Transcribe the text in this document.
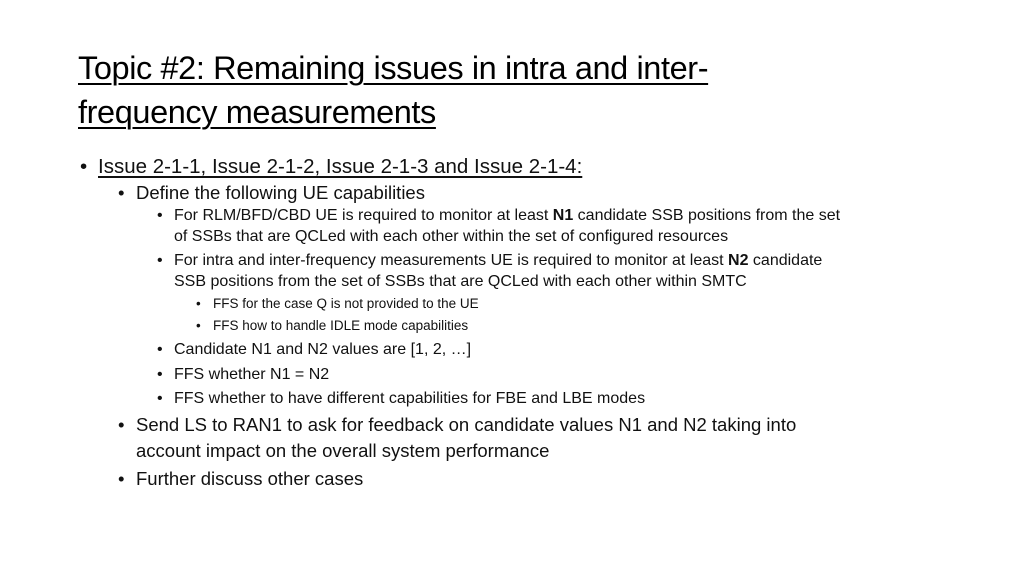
Topic #2: Remaining issues in intra and inter-
frequency measurements
• Issue 2-1-1, Issue 2-1-2, Issue 2-1-3 and Issue 2-1-4:
• Define the following UE capabilities
• For RLM/BFD/CBD UE is required to monitor at least N1 candidate SSB positions from the set
of SSBs that are QCLed with each other within the set of configured resources
• For intra and inter-frequency measurements UE is required to monitor at least N2 candidate
SSB positions from the set of SSBs that are QCLed with each other within SMTC
• FFS for the case Q is not provided to the UE
• FFS how to handle IDLE mode capabilities
• Candidate N1 and N2 values are [1, 2, …]
• FFS whether N1 = N2
• FFS whether to have different capabilities for FBE and LBE modes
• Send LS to RAN1 to ask for feedback on candidate values N1 and N2 taking into
account impact on the overall system performance
• Further discuss other cases
